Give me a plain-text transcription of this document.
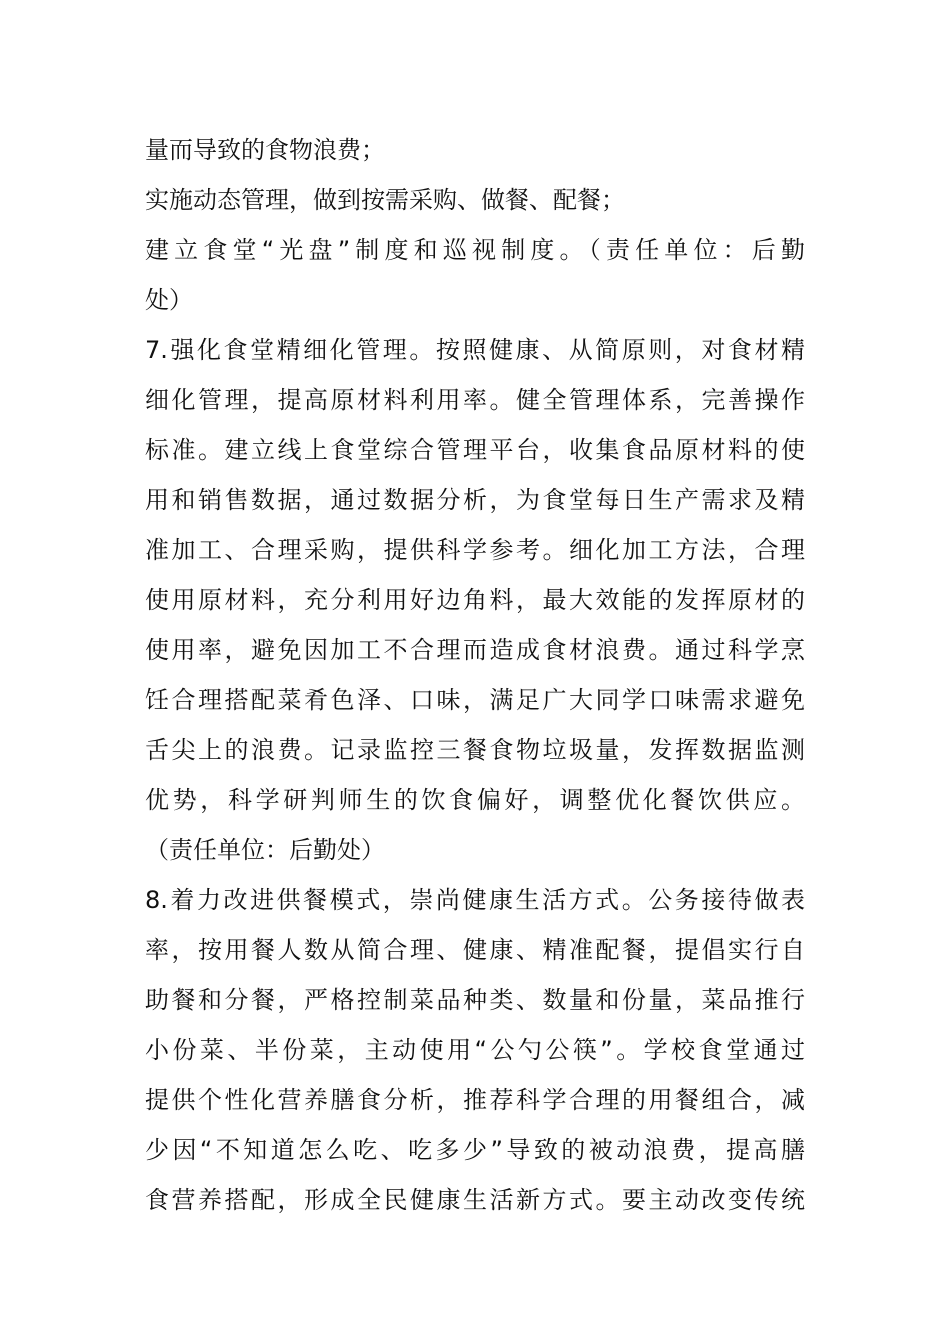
量而导致的食物浪费；
实施动态管理，做到按需采购、做餐、配餐；
建立食堂“光盘”制度和巡视制度。（责任单位：后勤
处）
7.强化食堂精细化管理。按照健康、从简原则，对食材精
细化管理，提高原材料利用率。健全管理体系，完善操作
标准。建立线上食堂综合管理平台，收集食品原材料的使
用和销售数据，通过数据分析，为食堂每日生产需求及精
准加工、合理采购，提供科学参考。细化加工方法，合理
使用原材料，充分利用好边角料，最大效能的发挥原材的
使用率，避免因加工不合理而造成食材浪费。通过科学烹
饪合理搭配菜肴色泽、口味，满足广大同学口味需求避免
舌尖上的浪费。记录监控三餐食物垃圾量，发挥数据监测
优势，科学研判师生的饮食偏好，调整优化餐饮供应。
（责任单位：后勤处）
8.着力改进供餐模式，崇尚健康生活方式。公务接待做表
率，按用餐人数从简合理、健康、精准配餐，提倡实行自
助餐和分餐，严格控制菜品种类、数量和份量，菜品推行
小份菜、半份菜，主动使用“公勺公筷”。学校食堂通过
提供个性化营养膳食分析，推荐科学合理的用餐组合，减
少因“不知道怎么吃、吃多少”导致的被动浪费，提高膳
食营养搭配，形成全民健康生活新方式。要主动改变传统
